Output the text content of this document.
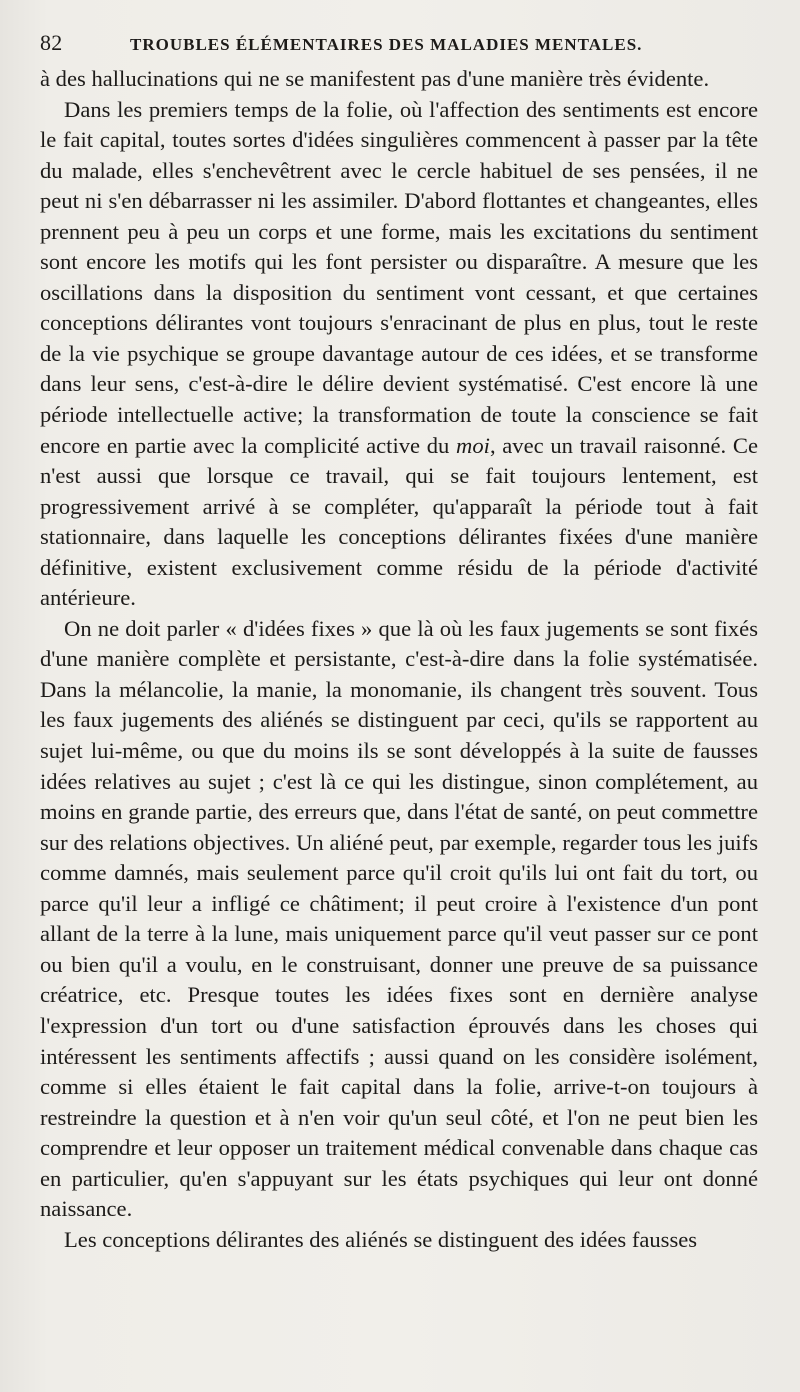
82	TROUBLES ÉLÉMENTAIRES DES MALADIES MENTALES.

à des hallucinations qui ne se manifestent pas d'une manière très évidente.

Dans les premiers temps de la folie, où l'affection des sentiments est encore le fait capital, toutes sortes d'idées singulières commencent à passer par la tête du malade, elles s'enchevêtrent avec le cercle habituel de ses pensées, il ne peut ni s'en débarrasser ni les assimiler. D'abord flottantes et changeantes, elles prennent peu à peu un corps et une forme, mais les excitations du sentiment sont encore les motifs qui les font persister ou disparaître. A mesure que les oscillations dans la disposition du sentiment vont cessant, et que certaines conceptions délirantes vont toujours s'enracinant de plus en plus, tout le reste de la vie psychique se groupe davantage autour de ces idées, et se transforme dans leur sens, c'est-à-dire le délire devient systématisé. C'est encore là une période intellectuelle active; la transformation de toute la conscience se fait encore en partie avec la complicité active du moi, avec un travail raisonné. Ce n'est aussi que lorsque ce travail, qui se fait toujours lentement, est progressivement arrivé à se compléter, qu'apparaît la période tout à fait stationnaire, dans laquelle les conceptions délirantes fixées d'une manière définitive, existent exclusivement comme résidu de la période d'activité antérieure.

On ne doit parler « d'idées fixes » que là où les faux jugements se sont fixés d'une manière complète et persistante, c'est-à-dire dans la folie systématisée. Dans la mélancolie, la manie, la monomanie, ils changent très souvent. Tous les faux jugements des aliénés se distinguent par ceci, qu'ils se rapportent au sujet lui-même, ou que du moins ils se sont développés à la suite de fausses idées relatives au sujet ; c'est là ce qui les distingue, sinon complétement, au moins en grande partie, des erreurs que, dans l'état de santé, on peut commettre sur des relations objectives. Un aliéné peut, par exemple, regarder tous les juifs comme damnés, mais seulement parce qu'il croit qu'ils lui ont fait du tort, ou parce qu'il leur a infligé ce châtiment; il peut croire à l'existence d'un pont allant de la terre à la lune, mais uniquement parce qu'il veut passer sur ce pont ou bien qu'il a voulu, en le construisant, donner une preuve de sa puissance créatrice, etc. Presque toutes les idées fixes sont en dernière analyse l'expression d'un tort ou d'une satisfaction éprouvés dans les choses qui intéressent les sentiments affectifs ; aussi quand on les considère isolément, comme si elles étaient le fait capital dans la folie, arrive-t-on toujours à restreindre la question et à n'en voir qu'un seul côté, et l'on ne peut bien les comprendre et leur opposer un traitement médical convenable dans chaque cas en particulier, qu'en s'appuyant sur les états psychiques qui leur ont donné naissance.

Les conceptions délirantes des aliénés se distinguent des idées fausses
